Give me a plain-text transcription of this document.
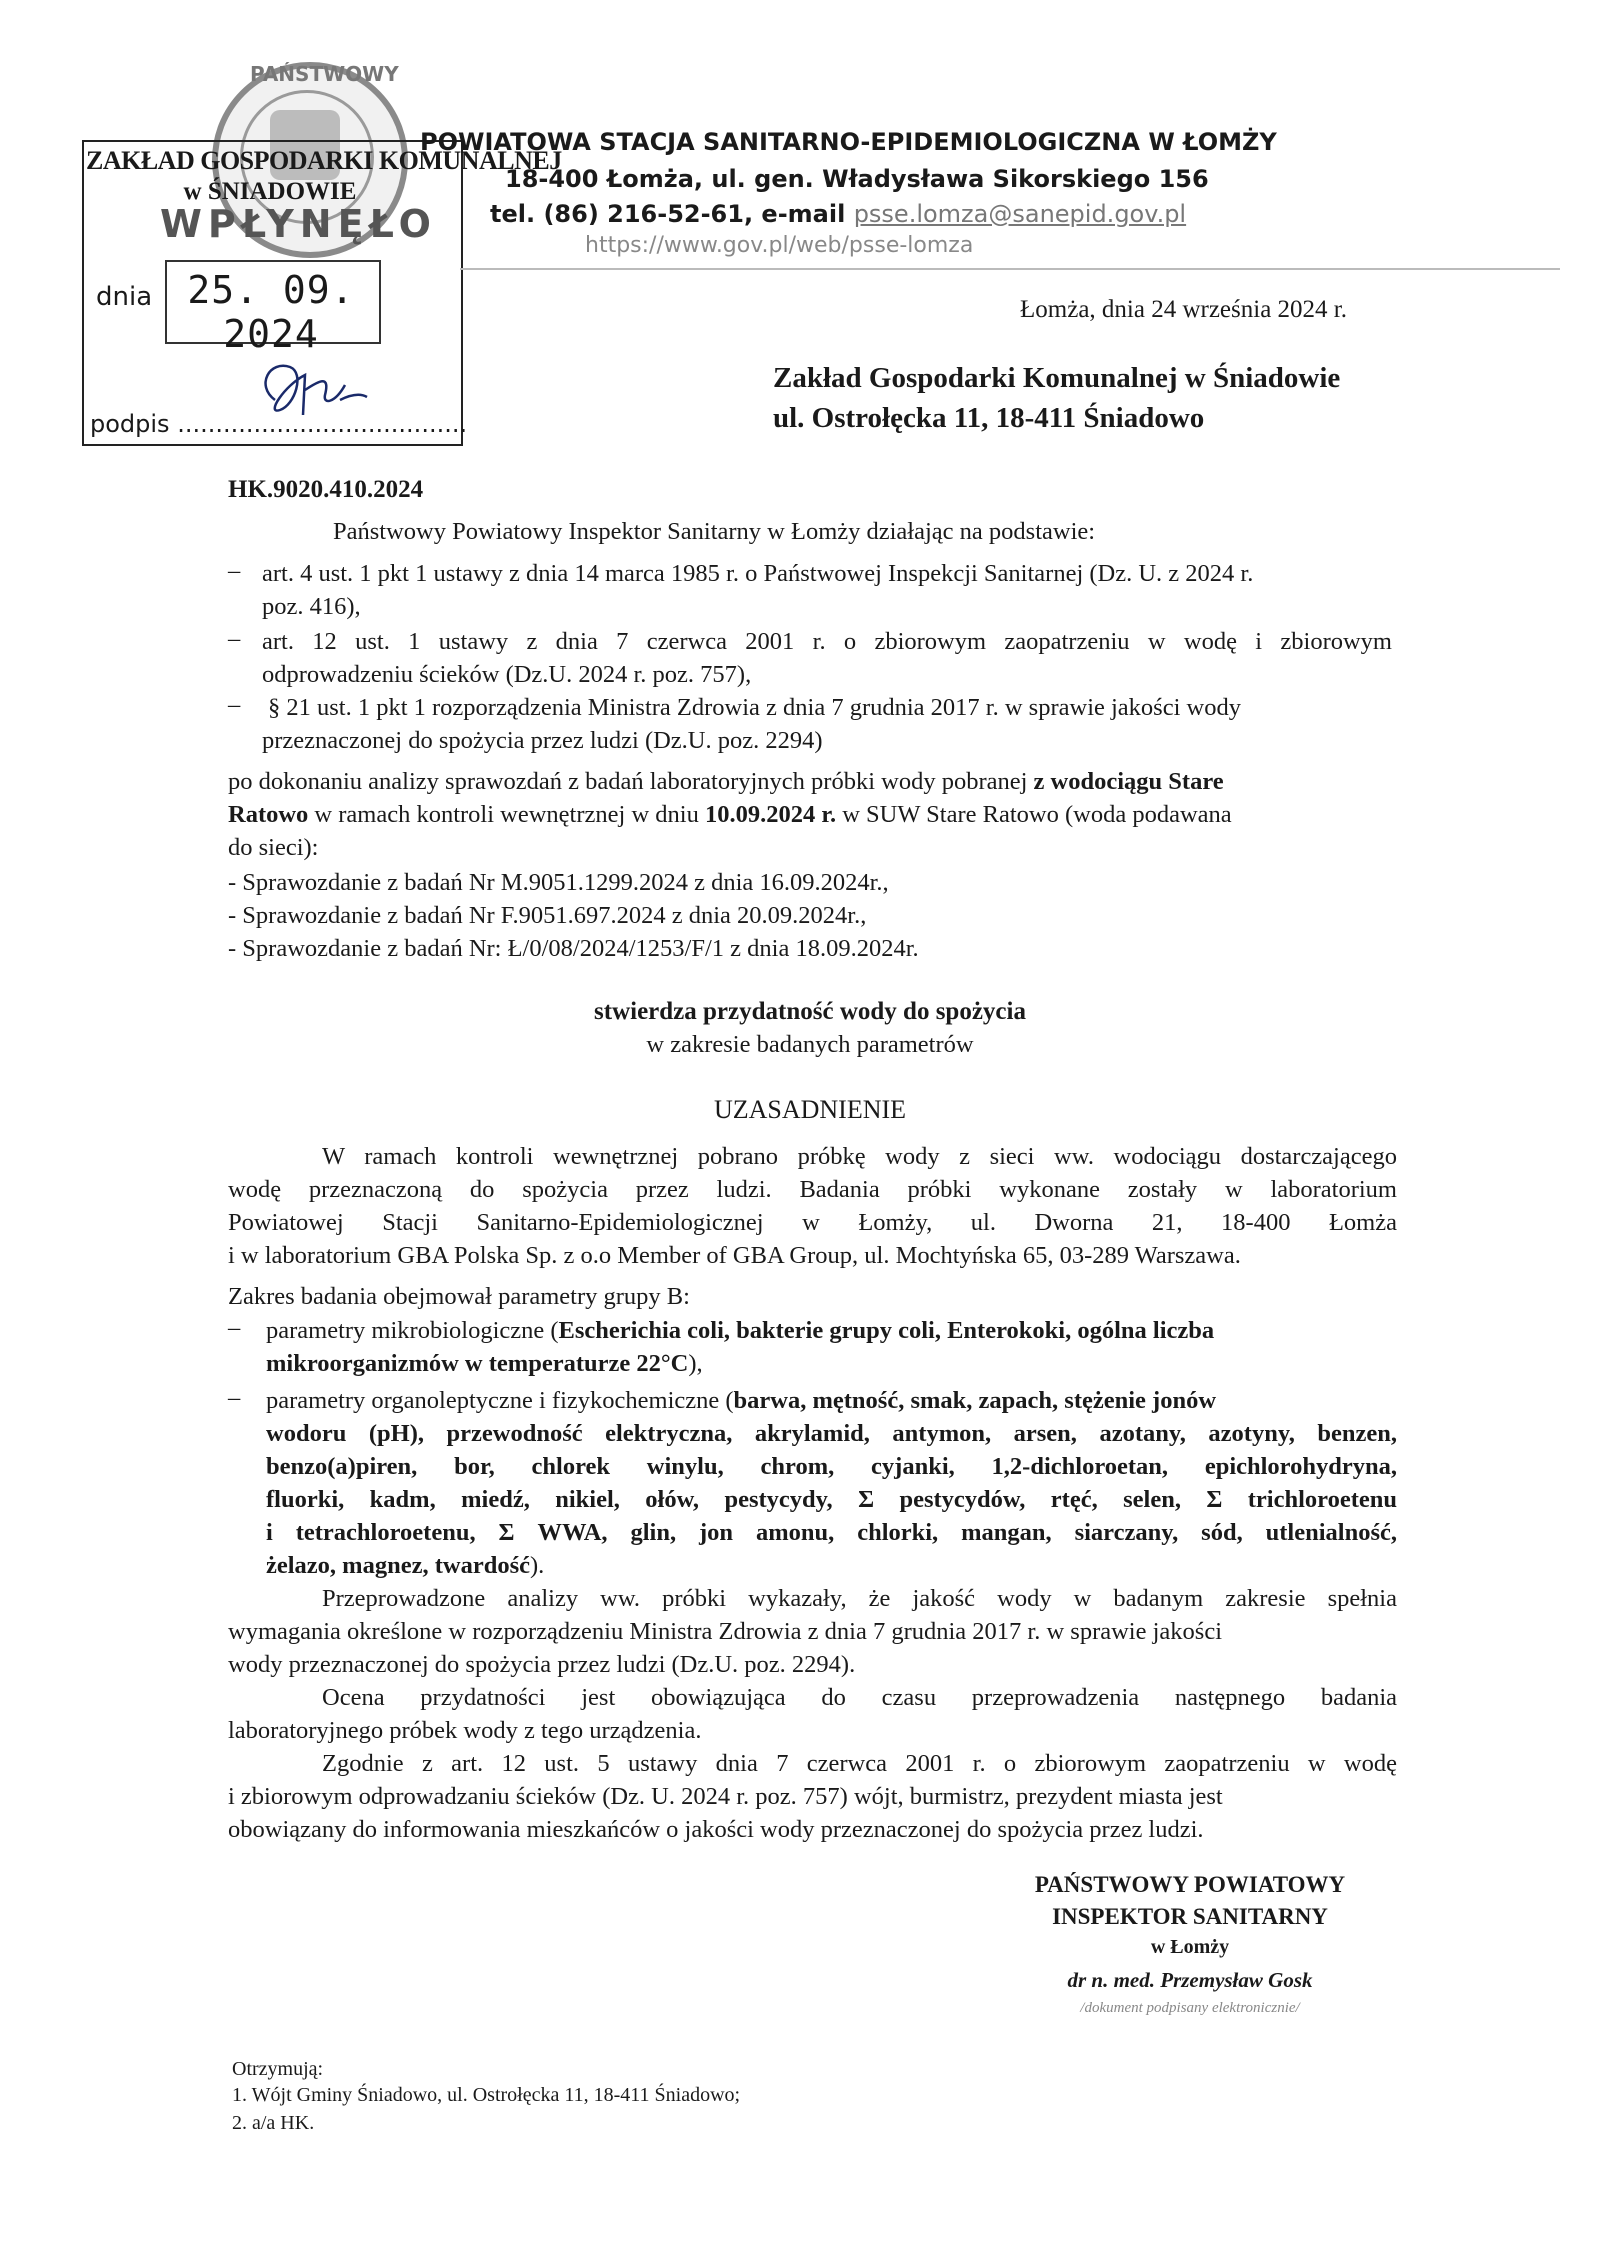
PAŃSTWOWY
ZAKŁAD GOSPODARKI KOMUNALNEJ
w ŚNIADOWIE
WPŁYNĘŁO
dnia 25. 09. 2024
podpis ......................................
POWIATOWA STACJA SANITARNO-EPIDEMIOLOGICZNA W ŁOMŻY
18-400 Łomża, ul. gen. Władysława Sikorskiego 156
tel. (86) 216-52-61, e-mail psse.lomza@sanepid.gov.pl
https://www.gov.pl/web/psse-lomza
Łomża, dnia 24 września 2024 r.
Zakład Gospodarki Komunalnej w Śniadowie
ul. Ostrołęcka 11, 18-411 Śniadowo
HK.9020.410.2024
Państwowy Powiatowy Inspektor Sanitarny w Łomży działając na podstawie:
– art. 4 ust. 1 pkt 1 ustawy z dnia 14 marca 1985 r. o Państwowej Inspekcji Sanitarnej (Dz. U. z 2024 r.
poz. 416),
– art. 12 ust. 1 ustawy z dnia 7 czerwca 2001 r. o zbiorowym zaopatrzeniu w wodę i zbiorowym
odprowadzeniu ścieków (Dz.U. 2024 r. poz. 757),
– § 21 ust. 1 pkt 1 rozporządzenia Ministra Zdrowia z dnia 7 grudnia 2017 r. w sprawie jakości wody
przeznaczonej do spożycia przez ludzi (Dz.U. poz. 2294)
po dokonaniu analizy sprawozdań z badań laboratoryjnych próbki wody pobranej z wodociągu Stare
Ratowo w ramach kontroli wewnętrznej w dniu 10.09.2024 r. w SUW Stare Ratowo (woda podawana
do sieci):
- Sprawozdanie z badań Nr M.9051.1299.2024 z dnia 16.09.2024r.,
- Sprawozdanie z badań Nr F.9051.697.2024 z dnia 20.09.2024r.,
- Sprawozdanie z badań Nr: Ł/0/08/2024/1253/F/1 z dnia 18.09.2024r.
stwierdza przydatność wody do spożycia
w zakresie badanych parametrów
UZASADNIENIE
W ramach kontroli wewnętrznej pobrano próbkę wody z sieci ww. wodociągu dostarczającego
wodę przeznaczoną do spożycia przez ludzi. Badania próbki wykonane zostały w laboratorium
Powiatowej Stacji Sanitarno-Epidemiologicznej w Łomży, ul. Dworna 21, 18-400 Łomża
i w laboratorium GBA Polska Sp. z o.o Member of GBA Group, ul. Mochtyńska 65, 03-289 Warszawa.
Zakres badania obejmował parametry grupy B:
– parametry mikrobiologiczne (Escherichia coli, bakterie grupy coli, Enterokoki, ogólna liczba
mikroorganizmów w temperaturze 22°C),
– parametry organoleptyczne i fizykochemiczne (barwa, mętność, smak, zapach, stężenie jonów
wodoru (pH), przewodność elektryczna, akrylamid, antymon, arsen, azotany, azotyny, benzen,
benzo(a)piren, bor, chlorek winylu, chrom, cyjanki, 1,2-dichloroetan, epichlorohydryna,
fluorki, kadm, miedź, nikiel, ołów, pestycydy, Σ pestycydów, rtęć, selen, Σ trichloroetenu
i tetrachloroetenu, Σ WWA, glin, jon amonu, chlorki, mangan, siarczany, sód, utlenialność,
żelazo, magnez, twardość).
Przeprowadzone analizy ww. próbki wykazały, że jakość wody w badanym zakresie spełnia
wymagania określone w rozporządzeniu Ministra Zdrowia z dnia 7 grudnia 2017 r. w sprawie jakości
wody przeznaczonej do spożycia przez ludzi (Dz.U. poz. 2294).
Ocena przydatności jest obowiązująca do czasu przeprowadzenia następnego badania
laboratoryjnego próbek wody z tego urządzenia.
Zgodnie z art. 12 ust. 5 ustawy dnia 7 czerwca 2001 r. o zbiorowym zaopatrzeniu w wodę
i zbiorowym odprowadzaniu ścieków (Dz. U. 2024 r. poz. 757) wójt, burmistrz, prezydent miasta jest
obowiązany do informowania mieszkańców o jakości wody przeznaczonej do spożycia przez ludzi.
PAŃSTWOWY POWIATOWY
INSPEKTOR SANITARNY
w Łomży
dr n. med. Przemysław Gosk
/dokument podpisany elektronicznie/
Otrzymują:
1. Wójt Gminy Śniadowo, ul. Ostrołęcka 11, 18-411 Śniadowo;
2. a/a HK.
